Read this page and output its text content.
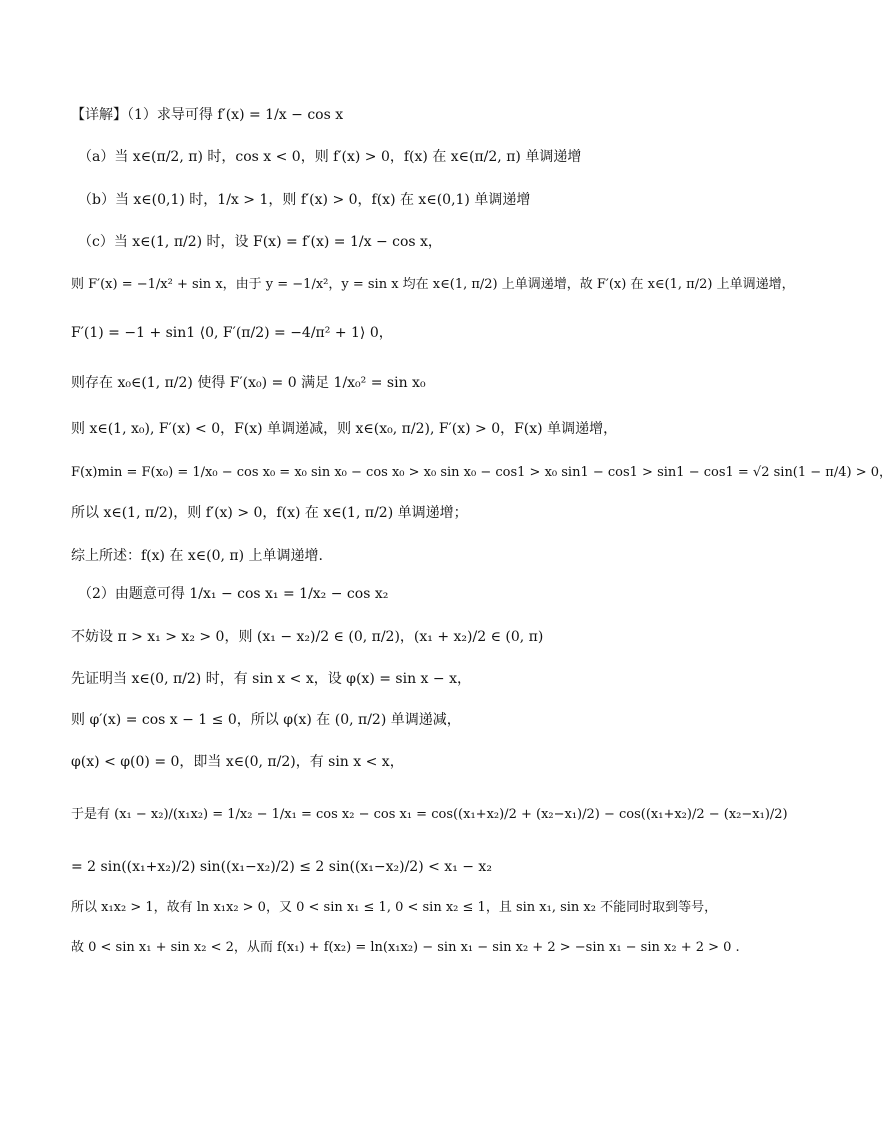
【详解】（1）求导可得 f′(x) = 1/x − cos x
（a）当 x∈(π/2, π) 时，cos x < 0，则 f′(x) > 0，f(x) 在 x∈(π/2, π) 单调递增
（b）当 x∈(0,1) 时，1/x > 1，则 f′(x) > 0，f(x) 在 x∈(0,1) 单调递增
（c）当 x∈(1, π/2) 时，设 F(x) = f′(x) = 1/x − cos x，
则 F′(x) = −1/x² + sin x，由于 y = −1/x²，y = sin x 均在 x∈(1, π/2) 上单调递增，故 F′(x) 在 x∈(1, π/2) 上单调递增，
F′(1) = −1 + sin1 ⟨0, F′(π/2) = −4/π² + 1⟩ 0，
则存在 x₀∈(1, π/2) 使得 F′(x₀) = 0 满足 1/x₀² = sin x₀
则 x∈(1, x₀), F′(x) < 0，F(x) 单调递减，则 x∈(x₀, π/2), F′(x) > 0，F(x) 单调递增，
F(x)min = F(x₀) = 1/x₀ − cos x₀ = x₀ sin x₀ − cos x₀ > x₀ sin x₀ − cos1 > x₀ sin1 − cos1 > sin1 − cos1 = √2 sin(1 − π/4) > 0，
所以 x∈(1, π/2)，则 f′(x) > 0，f(x) 在 x∈(1, π/2) 单调递增；
综上所述：f(x) 在 x∈(0, π) 上单调递增.
（2）由题意可得 1/x₁ − cos x₁ = 1/x₂ − cos x₂
不妨设 π > x₁ > x₂ > 0，则 (x₁ − x₂)/2 ∈ (0, π/2)，(x₁ + x₂)/2 ∈ (0, π)
先证明当 x∈(0, π/2) 时，有 sin x < x，设 φ(x) = sin x − x，
则 φ′(x) = cos x − 1 ≤ 0，所以 φ(x) 在 (0, π/2) 单调递减，
φ(x) < φ(0) = 0，即当 x∈(0, π/2)，有 sin x < x，
于是有 (x₁ − x₂)/(x₁x₂) = 1/x₂ − 1/x₁ = cos x₂ − cos x₁ = cos((x₁+x₂)/2 + (x₂−x₁)/2) − cos((x₁+x₂)/2 − (x₂−x₁)/2)
= 2 sin((x₁+x₂)/2) sin((x₁−x₂)/2) ≤ 2 sin((x₁−x₂)/2) < x₁ − x₂
所以 x₁x₂ > 1，故有 ln x₁x₂ > 0，又 0 < sin x₁ ≤ 1, 0 < sin x₂ ≤ 1，且 sin x₁, sin x₂ 不能同时取到等号，
故 0 < sin x₁ + sin x₂ < 2，从而 f(x₁) + f(x₂) = ln(x₁x₂) − sin x₁ − sin x₂ + 2 > −sin x₁ − sin x₂ + 2 > 0 .
